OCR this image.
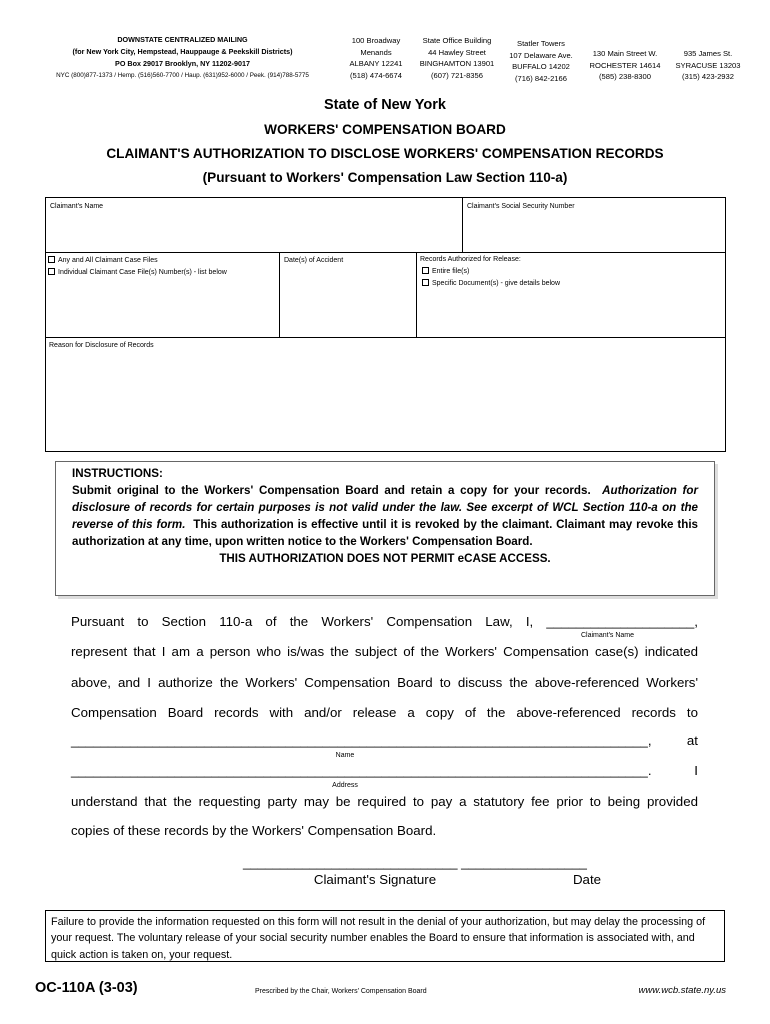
DOWNSTATE CENTRALIZED MAILING
(for New York City, Hempstead, Hauppauge & Peekskill Districts)
PO Box 29017 Brooklyn, NY 11202-9017
NYC (800)877-1373 / Hemp. (516)560-7700 / Haup. (631)952-6000 / Peek. (914)788-5775
100 Broadway
Menands
ALBANY 12241
(518) 474-6674
State Office Building
44 Hawley Street
BINGHAMTON 13901
(607) 721-8356
Statler Towers
107 Delaware Ave.
BUFFALO 14202
(716) 842-2166
130 Main Street W.
ROCHESTER 14614
(585) 238-8300
935 James St.
SYRACUSE 13203
(315) 423-2932
State of New York
WORKERS' COMPENSATION BOARD
CLAIMANT'S AUTHORIZATION TO DISCLOSE WORKERS' COMPENSATION RECORDS
(Pursuant to Workers' Compensation Law Section 110-a)
Claimant's Name	Claimant's Social Security Number
Any and All Claimant Case Files
Individual Claimant Case File(s) Number(s) - list below
Date(s) of Accident	Records Authorized for Release:
Entire file(s)
Specific Document(s) - give details below
Reason for Disclosure of Records
INSTRUCTIONS:
Submit original to the Workers' Compensation Board and retain a copy for your records. Authorization for disclosure of records for certain purposes is not valid under the law. See excerpt of WCL Section 110-a on the reverse of this form. This authorization is effective until it is revoked by the claimant. Claimant may revoke this authorization at any time, upon written notice to the Workers' Compensation Board.
THIS AUTHORIZATION DOES NOT PERMIT eCASE ACCESS.
Pursuant to Section 110-a of the Workers' Compensation Law, I, ____________________,
Claimant's Name
represent that I am a person who is/was the subject of the Workers' Compensation case(s) indicated
above, and I authorize the Workers' Compensation Board to discuss the above-referenced Workers'
Compensation Board records with and/or release a copy of the above-referenced records to
______________________________________________________________________________, at
Name
______________________________________________________________________________. I
Address
understand that the requesting party may be required to pay a statutory fee prior to being provided
copies of these records by the Workers' Compensation Board.
_____________________________ _________________
Claimant's Signature	Date
Failure to provide the information requested on this form will not result in the denial of your authorization, but may delay the processing of your request. The voluntary release of your social security number enables the Board to ensure that information is associated with, and quick action is taken on, your request.
OC-110A (3-03)	Prescribed by the Chair, Workers' Compensation Board	www.wcb.state.ny.us
